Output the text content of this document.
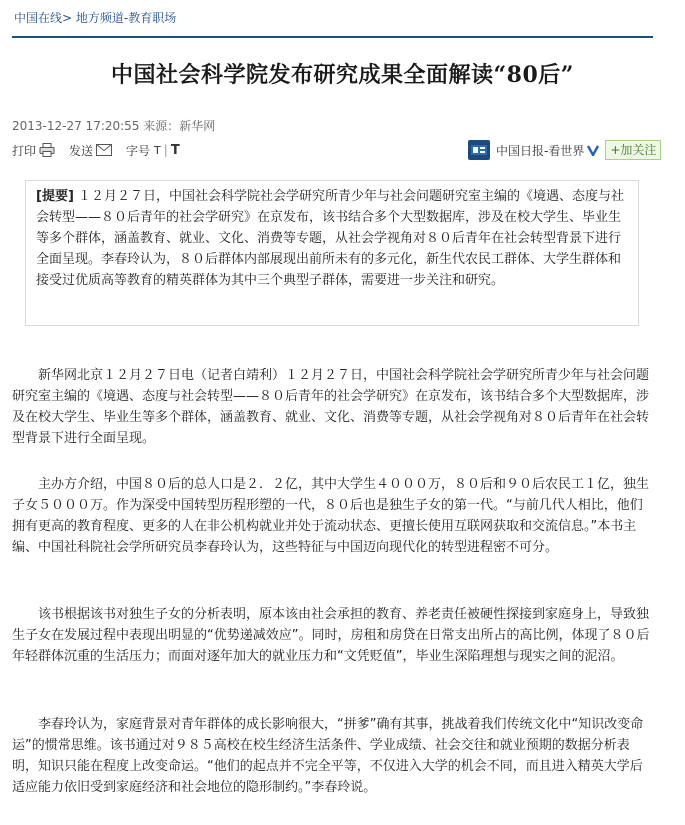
中国在线> 地方频道-教育职场
中国社会科学院发布研究成果全面解读“80后”
2013-12-27 17:20:55 来源：新华网
打印	发送	字号 T | T	中国日报-看世界	+加关注
[提要] １２月２７日，中国社会科学院社会学研究所青少年与社会问题研究室主编的《境遇、态度与社会转型——８０后青年的社会学研究》在京发布，该书结合多个大型数据库，涉及在校大学生、毕业生等多个群体，涵盖教育、就业、文化、消费等专题，从社会学视角对８０后青年在社会转型背景下进行全面呈现。李春玲认为，８０后群体内部展现出前所未有的多元化，新生代农民工群体、大学生群体和接受过优质高等教育的精英群体为其中三个典型子群体，需要进一步关注和研究。

新华网北京１２月２７日电（记者白靖利）１２月２７日，中国社会科学院社会学研究所青少年与社会问题研究室主编的《境遇、态度与社会转型——８０后青年的社会学研究》在京发布，该书结合多个大型数据库，涉及在校大学生、毕业生等多个群体，涵盖教育、就业、文化、消费等专题，从社会学视角对８０后青年在社会转型背景下进行全面呈现。

主办方介绍，中国８０后的总人口是２．２亿，其中大学生４０００万，８０后和９０后农民工１亿，独生子女５０００万。作为深受中国转型历程形塑的一代，８０后也是独生子女的第一代。“与前几代人相比，他们拥有更高的教育程度、更多的人在非公机构就业并处于流动状态、更擅长使用互联网获取和交流信息。”本书主编、中国社科院社会学所研究员李春玲认为，这些特征与中国迈向现代化的转型进程密不可分。

该书根据该书对独生子女的分析表明，原本该由社会承担的教育、养老责任被硬性探接到家庭身上，导致独生子女在发展过程中表现出明显的“优势递减效应”。同时，房租和房贷在日常支出所占的高比例，体现了８０后年轻群体沉重的生活压力；而面对逐年加大的就业压力和“文凭贬值”，毕业生深陷理想与现实之间的泥沼。

李春玲认为，家庭背景对青年群体的成长影响很大，“拼爹”确有其事，挑战着我们传统文化中“知识改变命运”的惯常思维。该书通过对９８５高校在校生经济生活条件、学业成绩、社会交往和就业预期的数据分析表明，知识只能在程度上改变命运。“他们的起点并不完全平等，不仅进入大学的机会不同，而且进入精英大学后适应能力依旧受到家庭经济和社会地位的隐形制约。”李春玲说。
